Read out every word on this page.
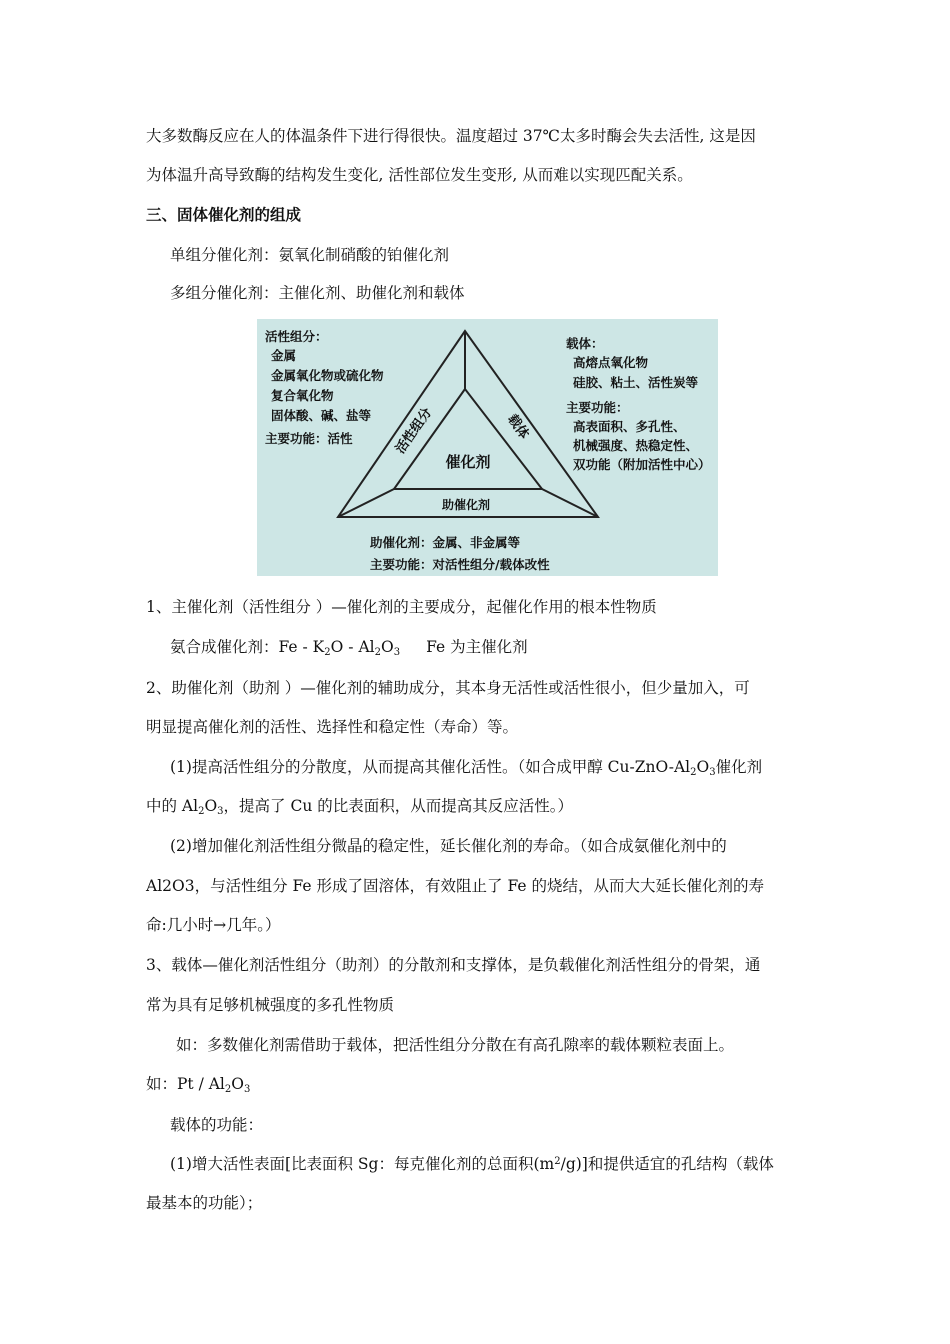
大多数酶反应在人的体温条件下进行得很快。温度超过 37℃太多时酶会失去活性, 这是因
为体温升高导致酶的结构发生变化, 活性部位发生变形, 从而难以实现匹配关系。
三、固体催化剂的组成
单组分催化剂：氨氧化制硝酸的铂催化剂
多组分催化剂：主催化剂、助催化剂和载体
活性组分：
金属
金属氧化物或硫化物
复合氧化物
固体酸、碱、盐等
主要功能：活性
载体：
高熔点氧化物
硅胶、粘土、活性炭等
主要功能：
高表面积、多孔性、
机械强度、热稳定性、
双功能（附加活性中心）
助催化剂：金属、非金属等
主要功能：对活性组分/载体改性
催化剂
助催化剂
活性组分	载体
1、主催化剂（活性组分 ）—催化剂的主要成分，起催化作用的根本性物质
氨合成催化剂：Fe - $K_2O - Al_2O_3$ Fe 为主催化剂
2、助催化剂（助剂 ）—催化剂的辅助成分，其本身无活性或活性很小，但少量加入，可
明显提高催化剂的活性、选择性和稳定性（寿命）等。
(1)提高活性组分的分散度，从而提高其催化活性。（如合成甲醇 $Cu-ZnO-Al_2O_3$催化剂
中的 $Al_2O_3$，提高了 Cu 的比表面积，从而提高其反应活性。）
(2)增加催化剂活性组分微晶的稳定性，延长催化剂的寿命。（如合成氨催化剂中的
Al2O3，与活性组分 Fe 形成了固溶体，有效阻止了 Fe 的烧结，从而大大延长催化剂的寿
命:几小时→几年。）
3、载体—催化剂活性组分（助剂）的分散剂和支撑体，是负载催化剂活性组分的骨架，通
常为具有足够机械强度的多孔性物质
如：多数催化剂需借助于载体，把活性组分分散在有高孔隙率的载体颗粒表面上。
如：Pt / $Al_2O_3$
载体的功能：
(1)增大活性表面[比表面积 Sg：每克催化剂的总面积$(m^2/g)$]和提供适宜的孔结构（载体
最基本的功能）；
